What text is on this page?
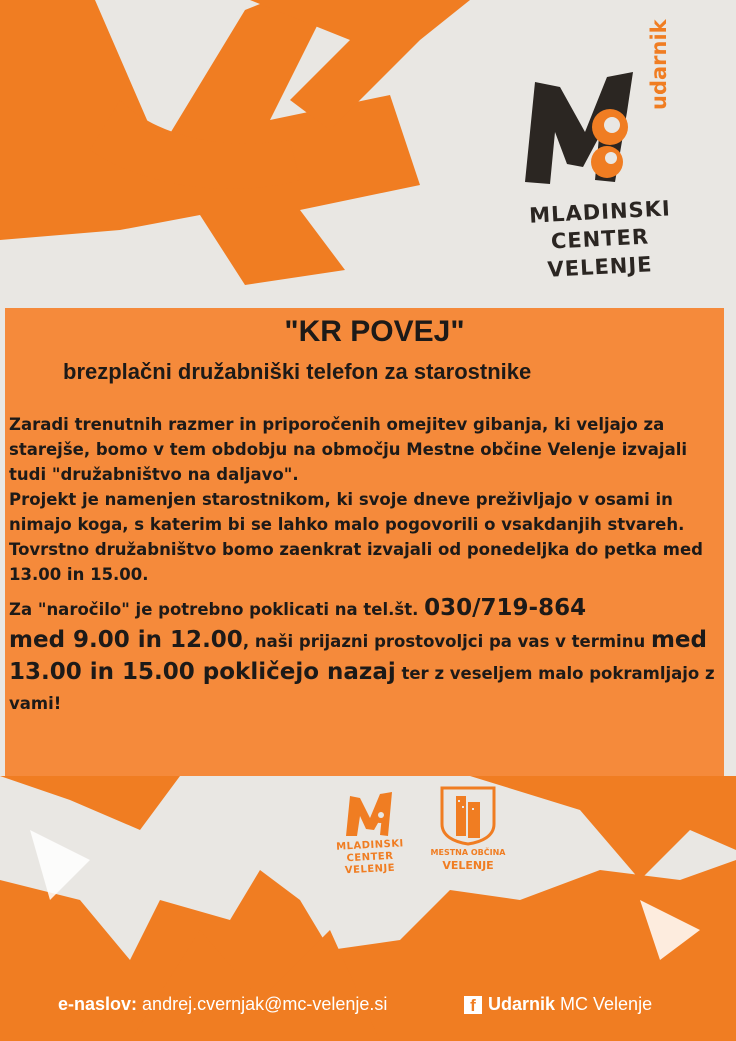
udarnik
MLADINSKI
CENTER
VELENJE
"KR POVEJ"
brezplačni družabniški telefon za starostnike

Zaradi trenutnih razmer in priporočenih omejitev gibanja, ki veljajo za starejše, bomo v tem obdobju na območju Mestne občine Velenje izvajali tudi "družabništvo na daljavo".

Projekt je namenjen starostnikom, ki svoje dneve preživljajo v osami in nimajo koga, s katerim bi se lahko malo pogovorili o vsakdanjih stvareh.

Tovrstno družabništvo bomo zaenkrat izvajali od ponedeljka do petka med 13.00 in 15.00.

Za "naročilo" je potrebno poklicati na tel.št. 030/719-864
med 9.00 in 12.00, naši prijazni prostovoljci pa vas v terminu med 13.00 in 15.00 pokličejo nazaj ter z veseljem malo pokramljajo z vami!

MLADINSKI
CENTER
VELENJE
MESTNA OBČINA
VELENJE
e-naslov: andrej.cvernjak@mc-velenje.si	f Udarnik MC Velenje
